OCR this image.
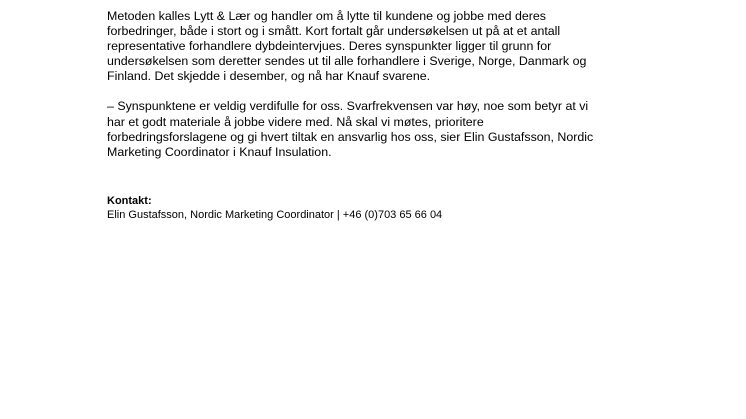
Metoden kalles Lytt & Lær og handler om å lytte til kundene og jobbe med deres
forbedringer, både i stort og i smått. Kort fortalt går undersøkelsen ut på at et antall
representative forhandlere dybdeintervjues. Deres synspunkter ligger til grunn for
undersøkelsen som deretter sendes ut til alle forhandlere i Sverige, Norge, Danmark og
Finland. Det skjedde i desember, og nå har Knauf svarene.

– Synspunktene er veldig verdifulle for oss. Svarfrekvensen var høy, noe som betyr at vi
har et godt materiale å jobbe videre med. Nå skal vi møtes, prioritere
forbedringsforslagene og gi hvert tiltak en ansvarlig hos oss, sier Elin Gustafsson, Nordic
Marketing Coordinator i Knauf Insulation.

Kontakt:
Elin Gustafsson, Nordic Marketing Coordinator | +46 (0)703 65 66 04
